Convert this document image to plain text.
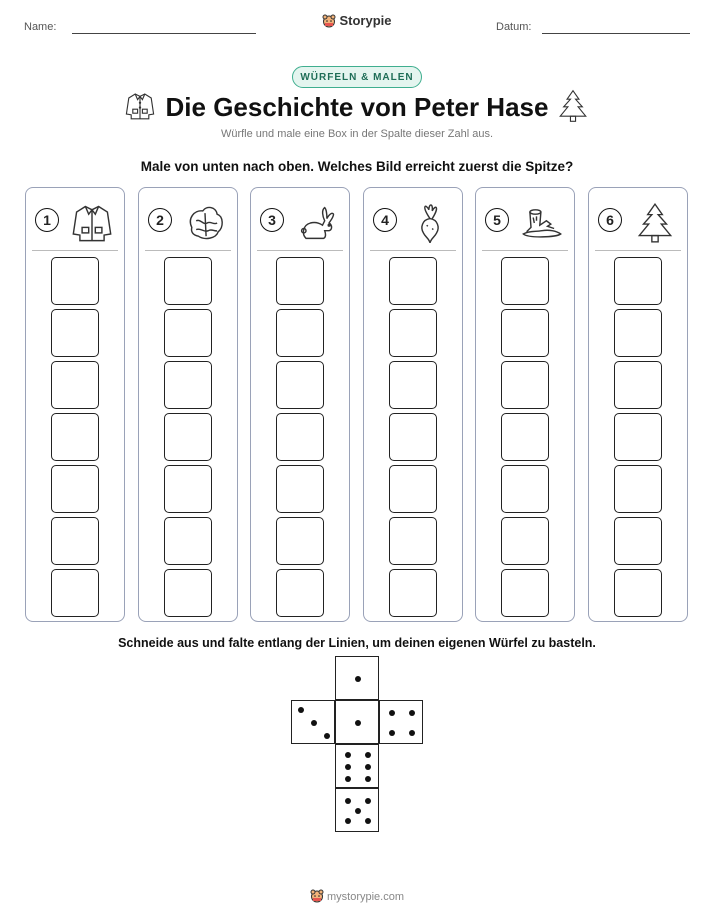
Name:	Datum:
Storypie
WÜRFELN & MALEN
Die Geschichte von Peter Hase
Würfle und male eine Box in der Spalte dieser Zahl aus.
Male von unten nach oben. Welches Bild erreicht zuerst die Spitze?
1	2	3	4	5	6
Schneide aus und falte entlang der Linien, um deinen eigenen Würfel zu basteln.
mystorypie.com
